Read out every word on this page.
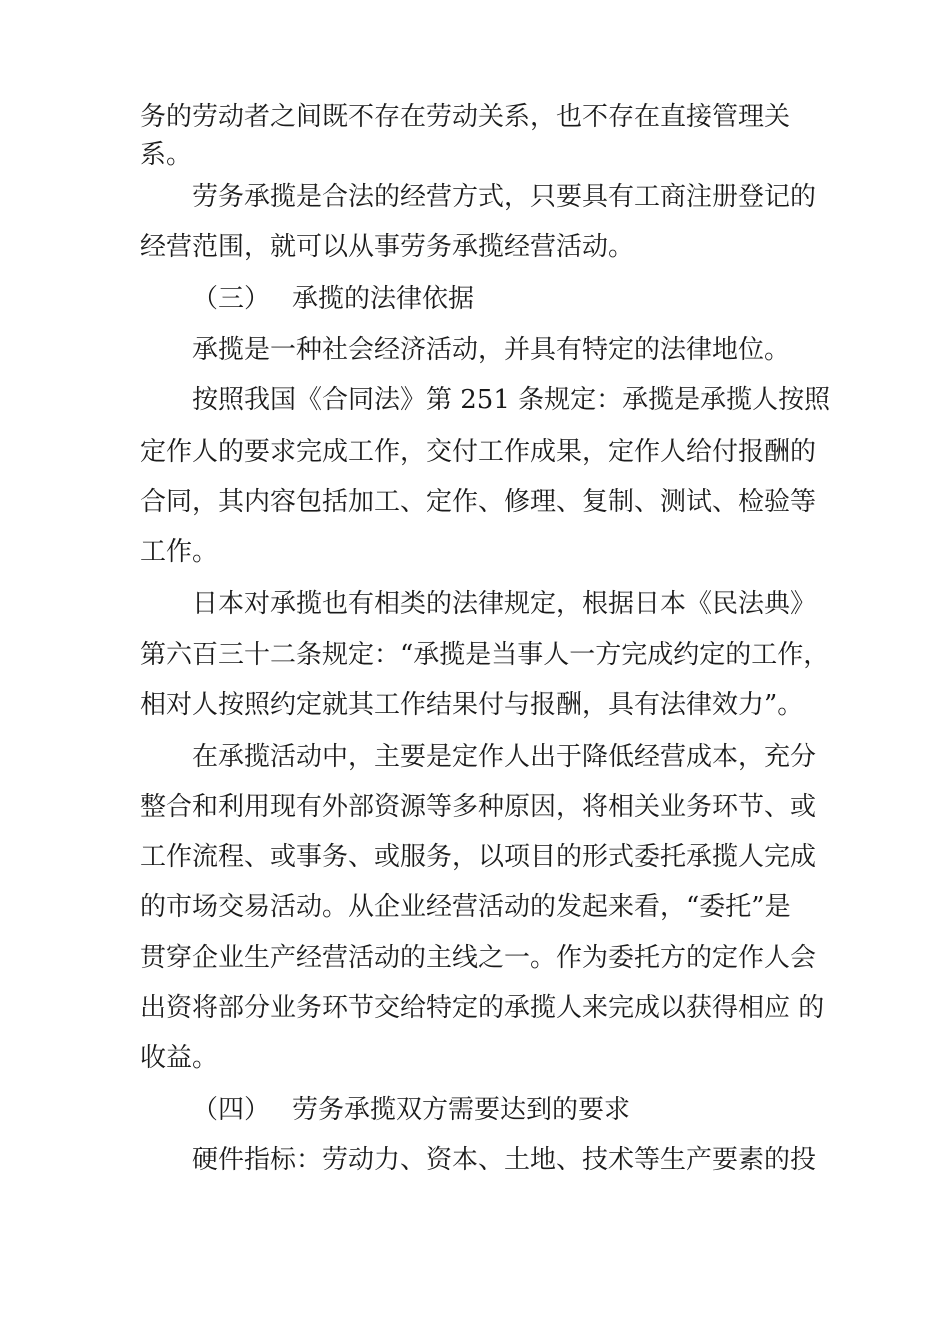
务的劳动者之间既不存在劳动关系，也不存在直接管理关
系。
劳务承揽是合法的经营方式，只要具有工商注册登记的
经营范围，就可以从事劳务承揽经营活动。
（三） 承揽的法律依据
承揽是一种社会经济活动，并具有特定的法律地位。
按照我国《合同法》第 251 条规定：承揽是承揽人按照
定作人的要求完成工作，交付工作成果，定作人给付报酬的
合同，其内容包括加工、定作、修理、复制、测试、检验等
工作。
日本对承揽也有相类的法律规定，根据日本《民法典》
第六百三十二条规定：“承揽是当事人一方完成约定的工作，
相对人按照约定就其工作结果付与报酬，具有法律效力”。
在承揽活动中，主要是定作人出于降低经营成本，充分
整合和利用现有外部资源等多种原因，将相关业务环节、或
工作流程、或事务、或服务，以项目的形式委托承揽人完成
的市场交易活动。从企业经营活动的发起来看，“委托”是
贯穿企业生产经营活动的主线之一。作为委托方的定作人会
出资将部分业务环节交给特定的承揽人来完成以获得相应 的
收益。
（四） 劳务承揽双方需要达到的要求
硬件指标：劳动力、资本、土地、技术等生产要素的投
